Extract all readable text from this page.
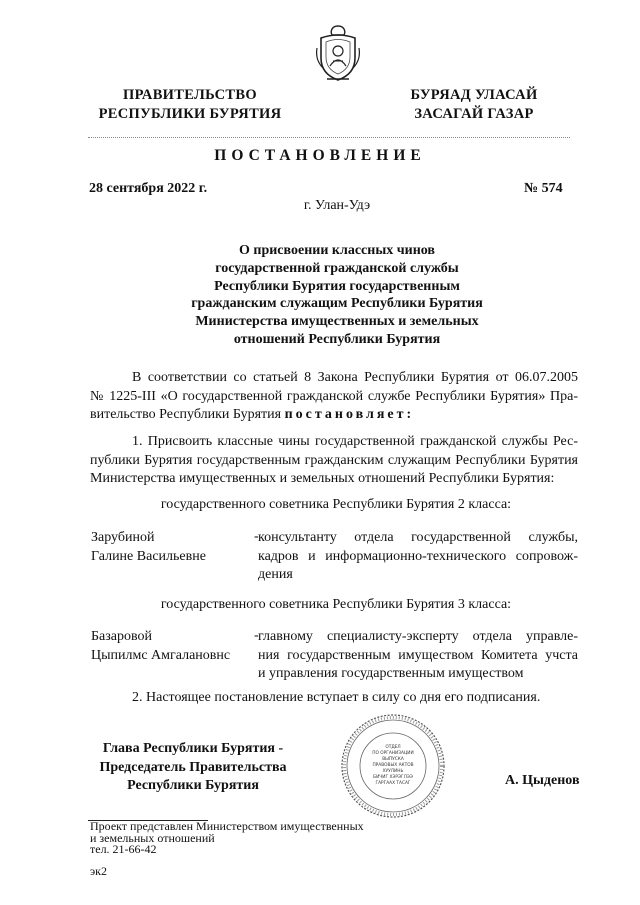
ПРАВИТЕЛЬСТВО
РЕСПУБЛИКИ БУРЯТИЯ
БУРЯАД УЛАСАЙ
ЗАСАГАЙ ГАЗАР
ПОСТАНОВЛЕНИЕ
28 сентября 2022 г.	№ 574
г. Улан-Удэ
О присвоении классных чинов
государственной гражданской службы
Республики Бурятия государственным
гражданским служащим Республики Бурятия
Министерства имущественных и земельных
отношений Республики Бурятия
В соответствии со статьей 8 Закона Республики Бурятия от 06.07.2005
№ 1225-III «О государственной гражданской службе Республики Бурятия» Пра-
вительство Республики Бурятия постановляет:
1. Присвоить классные чины государственной гражданской службы Рес-
публики Бурятия государственным гражданским служащим Республики Бурятия
Министерства имущественных и земельных отношений Республики Бурятия:
государственного советника Республики Бурятия 2 класса:
Зарубиной
Галине Васильевне
- консультанту отдела государственной службы,
кадров и информационно-технического сопровож-
дения
государственного советника Республики Бурятия 3 класса:
Базаровой
Цыпилмс Амгалановнс
- главному специалисту-эксперту отдела управле-
ния государственным имуществом Комитета учста
и управления государственным имуществом
2. Настоящее постановление вступает в силу со дня его подписания.
ОТДЕЛ
ПО ОРГАНИЗАЦИИ
ВЫПУСКА
ПРАВОВЫХ АКТОВ
ХУУЛИНЬ
БИЧИГ ХЭРЭГЛЭЭ
ГАРГААХ ТАСАГ
Глава Республики Бурятия -
Председатель Правительства
Республики Бурятия	А. Цыденов
Проект представлен Министерством имущественных
и земельных отношений
тел. 21-66-42
эк2
